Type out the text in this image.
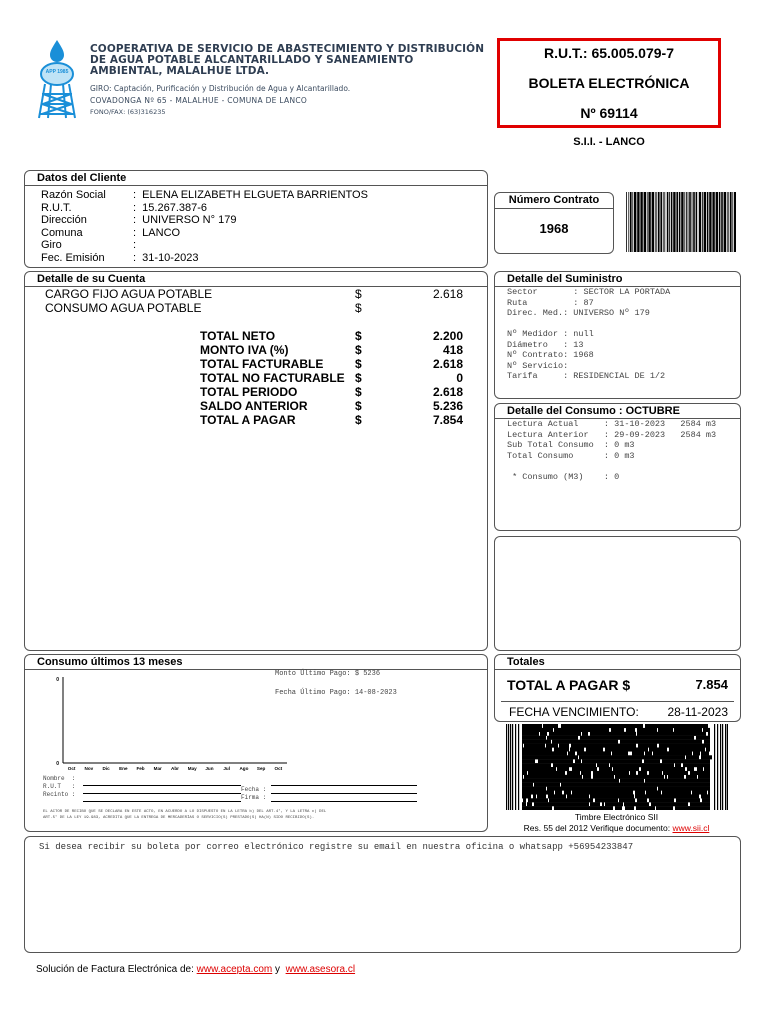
APP 1985
COOPERATIVA DE SERVICIO DE ABASTECIMIENTO Y DISTRIBUCIÓN
DE AGUA POTABLE ALCANTARILLADO Y SANEAMIENTO
AMBIENTAL, MALALHUE LTDA.
GIRO: Captación, Purificación y Distribución de Agua y Alcantarillado.
COVADONGA Nº 65 - MALALHUE - COMUNA DE LANCO
FONO/FAX: (63)316235
R.U.T.: 65.005.079-7
BOLETA ELECTRÓNICA
Nº 69114
S.I.I. - LANCO
Datos del Cliente
Razón Social :  ELENA ELIZABETH ELGUETA BARRIENTOS
R.U.T.	:  15.267.387-6
Dirección	:  UNIVERSO N° 179
Comuna	:  LANCO
Giro	:
Fec. Emisión	:  31-10-2023
Número Contrato
1968
Detalle de su Cuenta
CARGO FIJO AGUA POTABLE	$	2.618
CONSUMO AGUA POTABLE	$
TOTAL NETO	$	2.200
MONTO IVA (%)	$	418
TOTAL FACTURABLE	$	2.618
TOTAL NO FACTURABLE $	0
TOTAL PERIODO	$	2.618
SALDO ANTERIOR	$	5.236
TOTAL A PAGAR	$	7.854
Detalle del Suministro
Sector       : SECTOR LA PORTADA
Ruta         : 87
Direc. Med.: UNIVERSO Nº 179
Nº Medidor : null
Diámetro   : 13
Nº Contrato: 1968
Nº Servicio:
Tarifa     : RESIDENCIAL DE 1/2
Detalle del Consumo : OCTUBRE
Lectura Actual     : 31-10-2023   2584 m3
Lectura Anterior   : 29-09-2023   2584 m3
Sub Total Consumo  : 0 m3
Total Consumo      : 0 m3
* Consumo (M3)    : 0
Consumo últimos 13 meses
Monto Último Pago: $ 5236
Fecha Último Pago: 14-08-2023
0
0
Oct Nov Dic Ene Feb Mar Abr May Jun Jul Ago Sep Oct
Nombre  :
R.U.T   :
Recinto :
Fecha :
Firma :
EL ACTOR DE RECIBO QUE SE DECLARA EN ESTE ACTO, EN ACUERDO A LO DISPUESTO EN LA LETRA b) DEL ART.4°, Y LA LETRA c) DEL
ART.5° DE LA LEY 19.983, ACREDITA QUE LA ENTREGA DE MERCADERÍAS O SERVICIO(S) PRESTADO(S) HA(N) SIDO RECIBIDO(S).
Totales
TOTAL A PAGAR $	7.854
FECHA VENCIMIENTO: 28-11-2023
Timbre Electrónico SII
Res. 55 del 2012 Verifique documento: www.sii.cl
Si desea recibir su boleta por correo electrónico registre su email en nuestra oficina o whatsapp +56954233847
Solución de Factura Electrónica de: www.acepta.com y  www.asesora.cl
